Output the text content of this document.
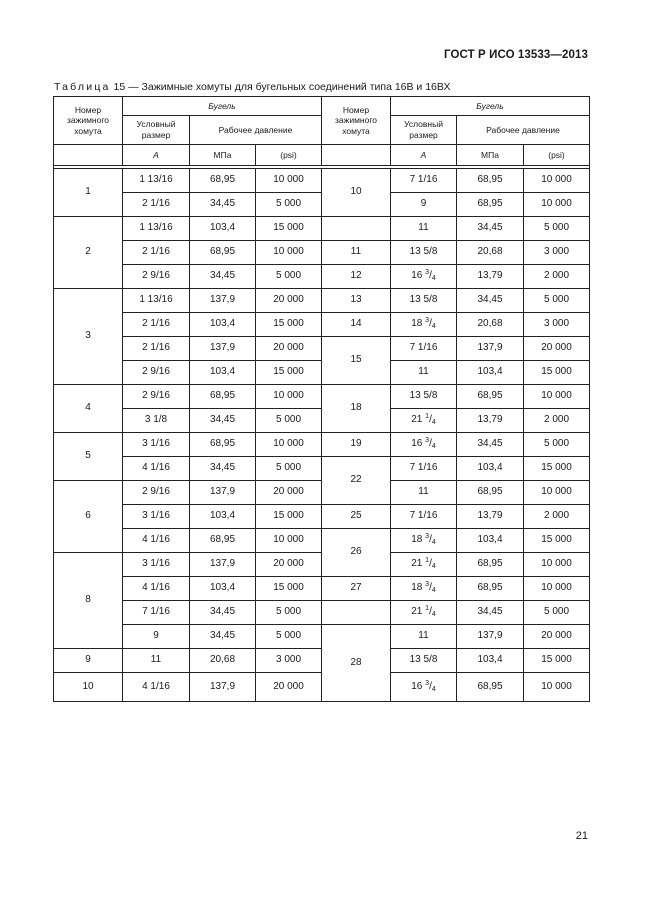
ГОСТ Р ИСО 13533—2013
Таблица 15 — Зажимные хомуты для бугельных соединений типа 16В и 16ВХ
Номер зажимного хомута	Бугель			Номер зажимного хомута	Бугель		
	Условный размер	Рабочее давление			Условный размер	Рабочее давление	
	А	МПа	(psi)		А	МПа	(psi)

1	1 13/16	68,95	10 000	10	7 1/16	68,95	10 000
	2 1/16	34,45	5 000		9	68,95	10 000
2	1 13/16	103,4	15 000		11	34,45	5 000
	2 1/16	68,95	10 000	11	13 5/8	20,68	3 000
	2 9/16	34,45	5 000	12	16 $^3/_4$	13,79	2 000
3	1 13/16	137,9	20 000	13	13 5/8	34,45	5 000
	2 1/16	103,4	15 000	14	18 $^3/_4$	20,68	3 000
	2 1/16	137,9	20 000	15	7 1/16	137,9	20 000
	2 9/16	103,4	15 000		11	103,4	15 000
4	2 9/16	68,95	10 000	18	13 5/8	68,95	10 000
	3 1/8	34,45	5 000		21 $^1/_4$	13,79	2 000
5	3 1/16	68,95	10 000	19	16 $^3/_4$	34,45	5 000
	4 1/16	34,45	5 000	22	7 1/16	103,4	15 000
6	2 9/16	137,9	20 000		11	68,95	10 000
	3 1/16	103,4	15 000	25	7 1/16	13,79	2 000
	4 1/16	68,95	10 000	26	18 $^3/_4$	103,4	15 000
8	3 1/16	137,9	20 000		21 $^1/_4$	68,95	10 000
	4 1/16	103,4	15 000	27	18 $^3/_4$	68,95	10 000
	7 1/16	34,45	5 000		21 $^1/_4$	34,45	5 000
	9	34,45	5 000	28	11	137,9	20 000
9	11	20,68	3 000		13 5/8	103,4	15 000
10	4 1/16	137,9	20 000		16 $^3/_4$	68,95	10 000
21
